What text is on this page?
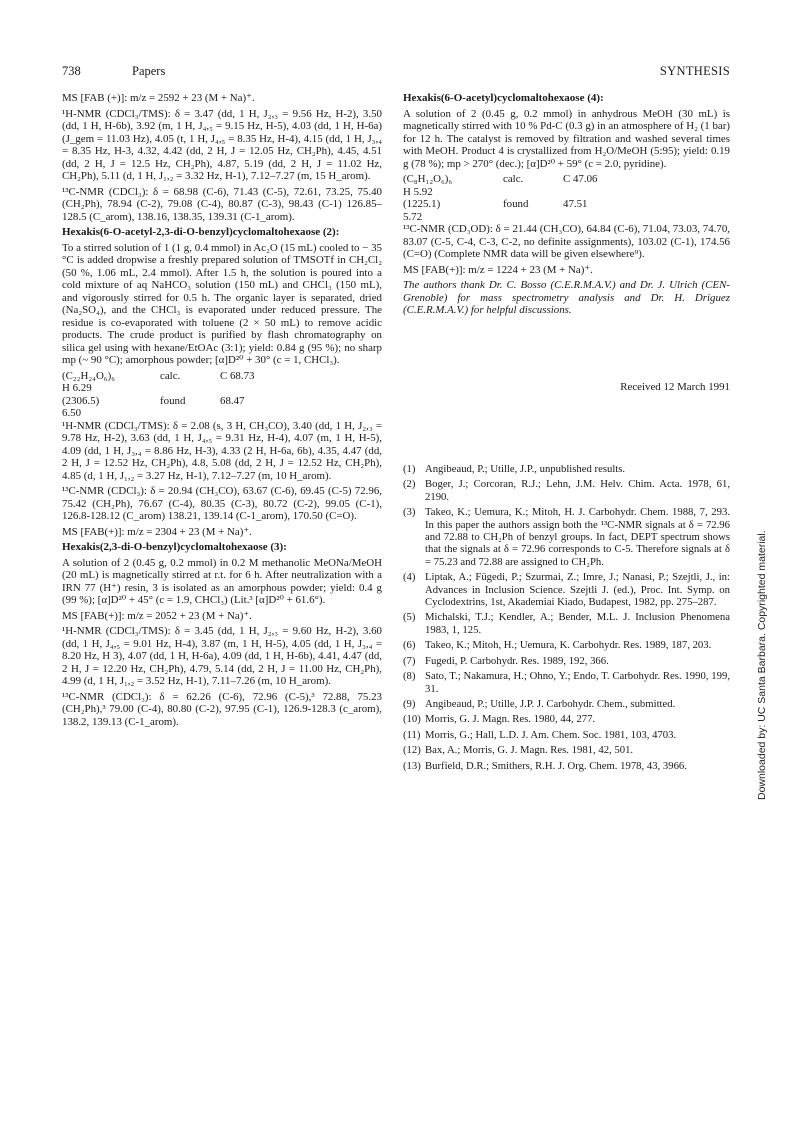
738	Papers	SYNTHESIS

MS [FAB (+)]: m/z = 2592 + 23 (M + Na)⁺.

¹H-NMR (CDCl₃/TMS): δ = 3.47 (dd, 1 H, J₂,₃ = 9.56 Hz, H-2), 3.50 (dd, 1 H, H-6b), 3.92 (m, 1 H, J₄,₅ = 9.15 Hz, H-5), 4.03 (dd, 1 H, H-6a) (J_gem = 11.03 Hz), 4.05 (t, 1 H, J₄,₅ = 8.35 Hz, H-4), 4.15 (dd, 1 H, J₃,₄ = 8.35 Hz, H-3, 4.32, 4.42 (dd, 2 H, J = 12.05 Hz, CH₂Ph), 4.45, 4.51 (dd, 2 H, J = 12.5 Hz, CH₂Ph), 4.87, 5.19 (dd, 2 H, J = 11.02 Hz, CH₂Ph), 5.11 (d, 1 H, J₁,₂ = 3.32 Hz, H-1), 7.12–7.27 (m, 15 H_arom).

¹³C-NMR (CDCl₃): δ = 68.98 (C-6), 71.43 (C-5), 72.61, 73.25, 75.40 (CH₂Ph), 78.94 (C-2), 79.08 (C-4), 80.87 (C-3), 98.43 (C-1) 126.85–128.5 (C_arom), 138.16, 138.35, 139.31 (C-1_arom).

Hexakis(6-O-acetyl-2,3-di-O-benzyl)cyclomaltohexaose (2):

To a stirred solution of 1 (1 g, 0.4 mmol) in Ac₂O (15 mL) cooled to − 35 °C is added dropwise a freshly prepared solution of TMSOTf in CH₂Cl₂ (50 %, 1.06 mL, 2.4 mmol). After 1.5 h, the solution is poured into a cold mixture of aq NaHCO₃ solution (150 mL) and CHCl₃ (150 mL), and vigorously stirred for 0.5 h. The organic layer is separated, dried (Na₂SO₄), and the CHCl₃ is evaporated under reduced pressure. The residue is co-evaporated with toluene (2 × 50 mL) to remove acidic products. The crude product is purified by flash chromatography on silica gel using with hexane/EtOAc (3:1); yield: 0.84 g (95 %); no sharp mp (~ 90 °C); amorphous powder; [α]D²⁰ + 30° (c = 1, CHCl₃).

(C₂₂H₂₄O₆)₆	calc.	C 68.73
H 6.29
(2306.5)	found	68.47
6.50

¹H-NMR (CDCl₃/TMS): δ = 2.08 (s, 3 H, CH₃CO), 3.40 (dd, 1 H, J₂,₃ = 9.78 Hz, H-2), 3.63 (dd, 1 H, J₄,₅ = 9.31 Hz, H-4), 4.07 (m, 1 H, H-5), 4.09 (dd, 1 H, J₃,₄ = 8.86 Hz, H-3), 4.33 (2 H, H-6a, 6b), 4.35, 4.47 (dd, 2 H, J = 12.52 Hz, CH₂Ph), 4.8, 5.08 (dd, 2 H, J = 12.52 Hz, CH₂Ph), 4.85 (d, 1 H, J₁,₂ = 3.27 Hz, H-1), 7.12–7.27 (m, 10 H_arom).

¹³C-NMR (CDCl₃): δ = 20.94 (CH₃CO), 63.67 (C-6), 69.45 (C-5) 72.96, 75.42 (CH₂Ph), 76.67 (C-4), 80.35 (C-3), 80.72 (C-2), 99.05 (C-1), 126.8-128.12 (C_arom) 138.21, 139.14 (C-1_arom), 170.50 (C=O).

MS [FAB(+)]: m/z = 2304 + 23 (M + Na)⁺.

Hexakis(2,3-di-O-benzyl)cyclomaltohexaose (3):

A solution of 2 (0.45 g, 0.2 mmol) in 0.2 M methanolic MeONa/MeOH (20 mL) is magnetically stirred at r.t. for 6 h. After neutralization with a IRN 77 (H⁺) resin, 3 is isolated as an amorphous powder; yield: 0.4 g (99 %); [α]D²⁰ + 45° (c = 1.9, CHCl₃) (Lit.³ [α]D²⁰ + 61.6°).

MS [FAB(+)]: m/z = 2052 + 23 (M + Na)⁺.

¹H-NMR (CDCl₃/TMS): δ = 3.45 (dd, 1 H, J₂,₃ = 9.60 Hz, H-2), 3.60 (dd, 1 H, J₄,₅ = 9.01 Hz, H-4), 3.87 (m, 1 H, H-5), 4.05 (dd, 1 H, J₃,₄ = 8.20 Hz, H 3), 4.07 (dd, 1 H, H-6a), 4.09 (dd, 1 H, H-6b), 4.41, 4.47 (dd, 2 H, J = 12.20 Hz, CH₂Ph), 4.79, 5.14 (dd, 2 H, J = 11.00 Hz, CH₂Ph), 4.99 (d, 1 H, J₁,₂ = 3.52 Hz, H-1), 7.11–7.26 (m, 10 H_arom).

¹³C-NMR (CDCl₃): δ = 62.26 (C-6), 72.96 (C-5),³ 72.88, 75.23 (CH₂Ph),³ 79.00 (C-4), 80.80 (C-2), 97.95 (C-1), 126.9-128.3 (c_arom), 138.2, 139.13 (C-1_arom).

Hexakis(6-O-acetyl)cyclomaltohexaose (4):

A solution of 2 (0.45 g, 0.2 mmol) in anhydrous MeOH (30 mL) is magnetically stirred with 10 % Pd-C (0.3 g) in an atmosphere of H₂ (1 bar) for 12 h. The catalyst is removed by filtration and washed several times with MeOH. Product 4 is crystallized from H₂O/MeOH (5:95); yield: 0.19 g (78 %); mp > 270° (dec.); [α]D²⁰ + 59° (c = 2.0, pyridine).

(C₈H₁₂O₆)₆	calc.	C 47.06
H 5.92
(1225.1)	found	47.51
5.72

¹³C-NMR (CD₃OD): δ = 21.44 (CH₃CO), 64.84 (C-6), 71.04, 73.03, 74.70, 83.07 (C-5, C-4, C-3, C-2, no definite assignments), 103.02 (C-1), 174.56 (C=O) (Complete NMR data will be given elsewhere⁹).

MS [FAB(+)]: m/z = 1224 + 23 (M + Na)⁺.

The authors thank Dr. C. Bosso (C.E.R.M.A.V.) and Dr. J. Ulrich (CEN-Grenoble) for mass spectrometry analysis and Dr. H. Driguez (C.E.R.M.A.V.) for helpful discussions.

Received 12 March 1991
(1) Angibeaud, P.; Utille, J.P., unpublished results.
(2) Boger, J.; Corcoran, R.J.; Lehn, J.M. Helv. Chim. Acta. 1978, 61, 2190.
(3) Takeo, K.; Uemura, K.; Mitoh, H. J. Carbohydr. Chem. 1988, 7, 293. In this paper the authors assign both the ¹³C-NMR signals at δ = 72.96 and 72.88 to CH₂Ph of benzyl groups. In fact, DEPT spectrum shows that the signals at δ = 72.96 corresponds to C-5. Therefore signals at δ = 75.23 and 72.88 are assigned to CH₂Ph.
(4) Liptak, A.; Fügedi, P.; Szurmai, Z.; Imre, J.; Nanasi, P.; Szejtli, J., in: Advances in Inclusion Science. Szejtli J. (ed.), Proc. Int. Symp. on Cyclodextrins, 1st, Akademiai Kiado, Budapest, 1982, pp. 275–287.
(5) Michalski, T.J.; Kendler, A.; Bender, M.L. J. Inclusion Phenomena 1983, 1, 125.
(6) Takeo, K.; Mitoh, H.; Uemura, K. Carbohydr. Res. 1989, 187, 203.
(7) Fugedi, P. Carbohydr. Res. 1989, 192, 366.
(8) Sato, T.; Nakamura, H.; Ohno, Y.; Endo, T. Carbohydr. Res. 1990, 199, 31.
(9) Angibeaud, P.; Utille, J.P. J. Carbohydr. Chem., submitted.
(10) Morris, G. J. Magn. Res. 1980, 44, 277.
(11) Morris, G.; Hall, L.D. J. Am. Chem. Soc. 1981, 103, 4703.
(12) Bax, A.; Morris, G. J. Magn. Res. 1981, 42, 501.
(13) Burfield, D.R.; Smithers, R.H. J. Org. Chem. 1978, 43, 3966.	Downloaded by: UC Santa Barbara. Copyrighted material.
